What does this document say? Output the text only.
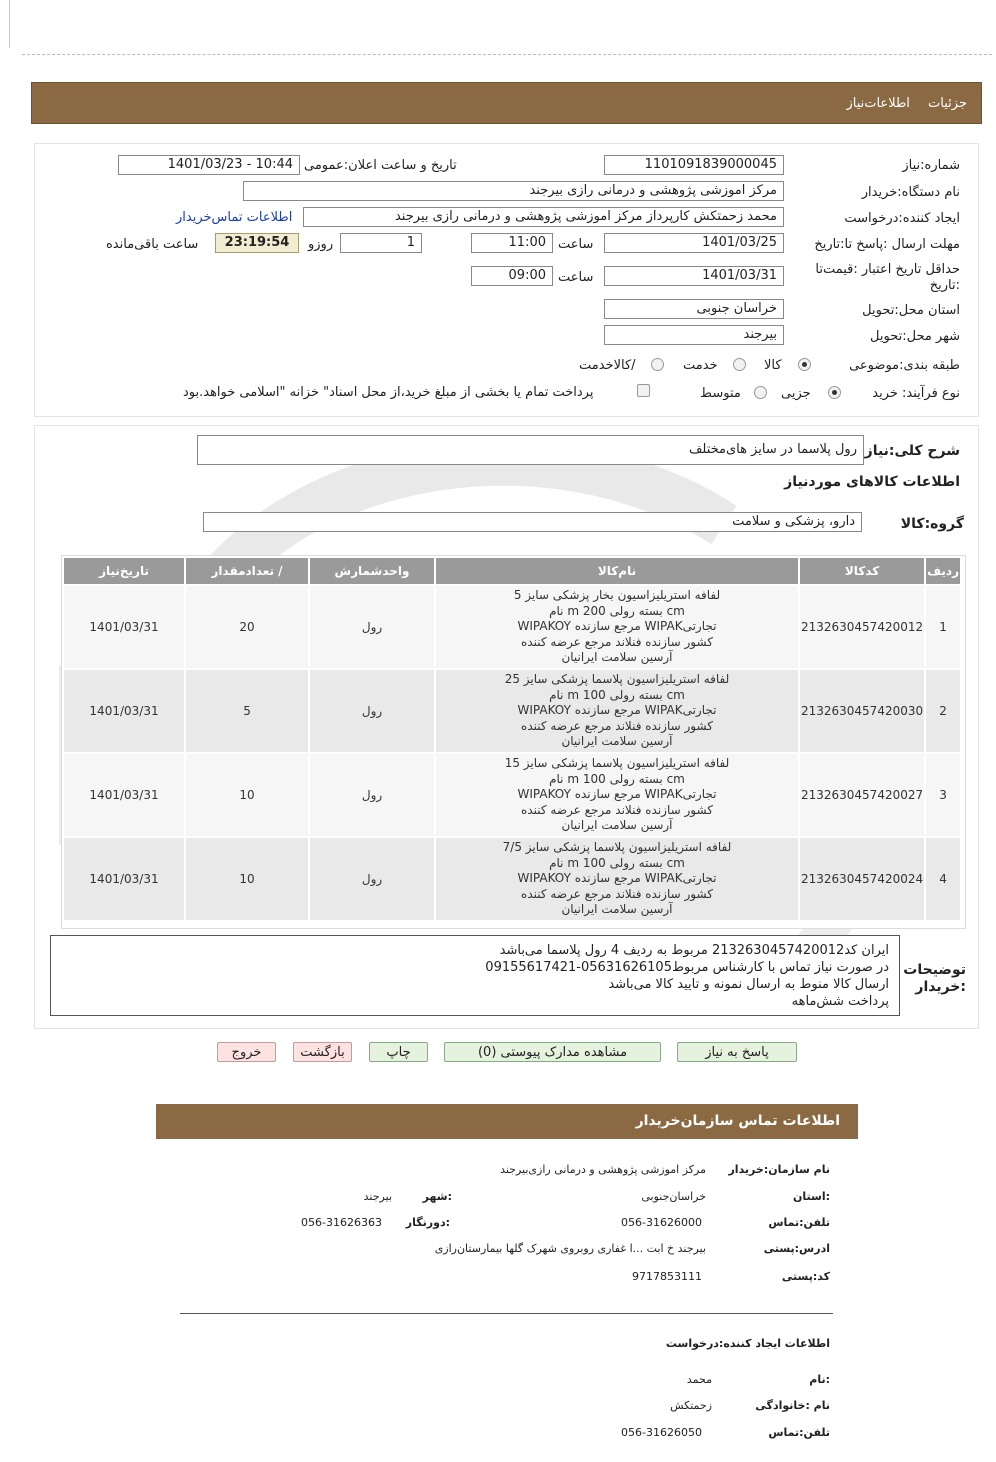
جزئیات اطلاعات‌نیاز
شماره:نیاز
1101091839000045
تاریخ و ساعت اعلان:عمومی
1401/03/23 - 10:44
نام دستگاه:خریدار
مرکز اموزشی پژوهشی و درمانی رازی بیرجند
ایجاد کننده:درخواست
محمد زحمتکش کارپرداز مرکز اموزشی پژوهشی و درمانی رازی بیرجند
اطلاعات تماس‌خریدار
مهلت ارسال :پاسخ تا:تاریخ
1401/03/25
ساعت
11:00
1
روزو
23:19:54
ساعت باقی‌مانده
حداقل تاریخ اعتبار :قیمت‌تا
:تاریخ
1401/03/31
ساعت
09:00
استان محل:تحویل
خراسان جنوبی
شهر محل:تحویل
بیرجند
طبقه بندی:موضوعی
کالا
خدمت
/کالاخدمت
نوع فرآیند: خرید
جزیی
متوسط
پرداخت تمام یا بخشی از مبلغ خرید،از محل اسناد" خزانه "اسلامی خواهد.بود
شرح کلی:نیاز
رول پلاسما در سایز های‌مختلف
اطلاعات کالاهای موردنیاز
گروه:کالا
دارو، پزشکی و سلامت
ردیف	کدکالا	نام‌کالا	واحدشمارش	/ تعدادمقدار	تاریخ‌نیاز
1	2132630457420012	لفافه استریلیزاسیون بخار پزشکی سایز 5
cm بسته رولی 200 m نام
تجارتیWIPAK مرجع سازنده WIPAKOY
کشور سازنده فنلاند مرجع عرضه کننده
آرسین سلامت ایرانیان	رول	20	1401/03/31
2	2132630457420030	لفافه استریلیزاسیون پلاسما پزشکی سایز 25
cm بسته رولی 100 m نام
تجارتیWIPAK مرجع سازنده WIPAKOY
کشور سازنده فنلاند مرجع عرضه کننده
آرسین سلامت ایرانیان	رول	5	1401/03/31
3	2132630457420027	لفافه استریلیزاسیون پلاسما پزشکی سایز 15
cm بسته رولی 100 m نام
تجارتیWIPAK مرجع سازنده WIPAKOY
کشور سازنده فنلاند مرجع عرضه کننده
آرسین سلامت ایرانیان	رول	10	1401/03/31
4	2132630457420024	لفافه استریلیزاسیون پلاسما پزشکی سایز 7/5
cm بسته رولی 100 m نام
تجارتیWIPAK مرجع سازنده WIPAKOY
کشور سازنده فنلاند مرجع عرضه کننده
آرسین سلامت ایرانیان	رول	10	1401/03/31
توضیحات
:خریدار
ایران کد2132630457420012 مربوط به ردیف 4 رول پلاسما می‌باشد
در صورت نیاز تماس با کارشناس مربوط05631626105-09155617421
ارسال کالا منوط به ارسال نمونه و تایید کالا می‌باشد
پرداخت شش‌ماهه
پاسخ به نیاز
مشاهده مدارک پیوستی (0)
چاپ
بازگشت
خروج
اطلاعات تماس سازمان‌خریدار
نام سازمان:خریدار
مرکز اموزشی پژوهشی و درمانی رازی‌بیرجند
:استان
خراسان‌جنوبی
:شهر
بیرجند
تلفن:تماس
056-31626000
:دورنگار
056-31626363
ادرس:پستی
بیرجند خ ابت ...ا غفاری روبروی شهرک گلها بیمارستان‌رازی
کد:پستی
9717853111
اطلاعات ایجاد کننده:درخواست
:نام
محمد
نام :خانوادگی
زحمتکش
تلفن:تماس
056-31626050
